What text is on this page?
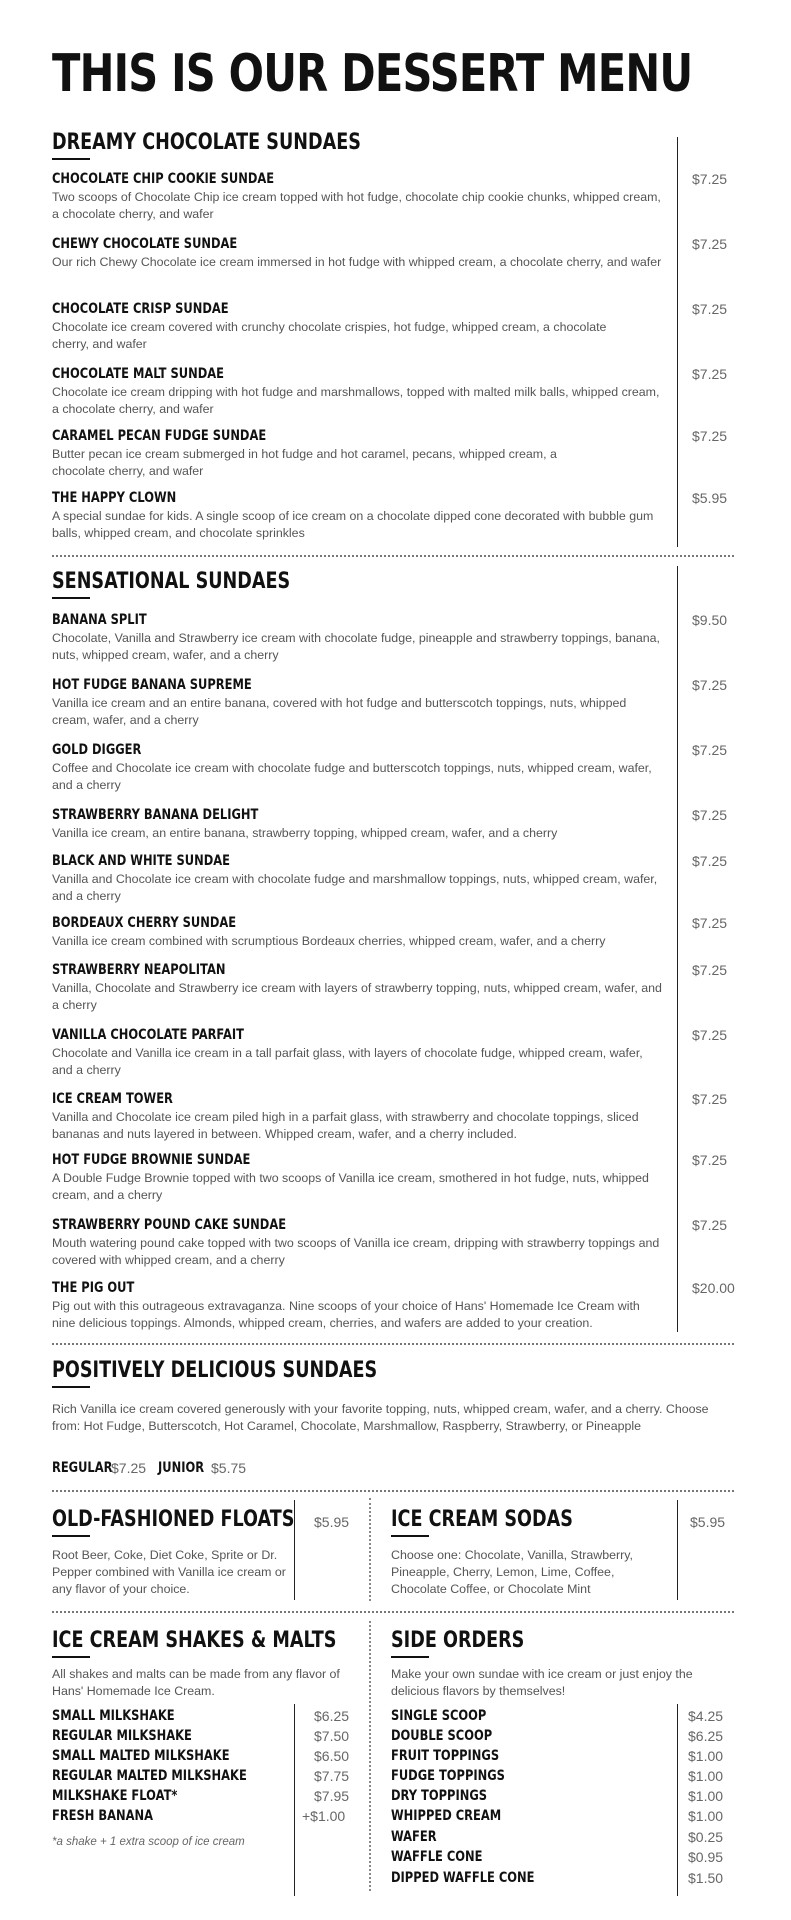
THIS IS OUR DESSERT MENU
DREAMY CHOCOLATE SUNDAES
CHOCOLATE CHIP COOKIE SUNDAE
Two scoops of Chocolate Chip ice cream topped with hot fudge, chocolate chip cookie chunks, whipped cream, a chocolate cherry, and wafer
$7.25
CHEWY CHOCOLATE SUNDAE
Our rich Chewy Chocolate ice cream immersed in hot fudge with whipped cream, a chocolate cherry, and wafer
$7.25
CHOCOLATE CRISP SUNDAE
Chocolate ice cream covered with crunchy chocolate crispies, hot fudge, whipped cream, a chocolate cherry, and wafer
$7.25
CHOCOLATE MALT SUNDAE
Chocolate ice cream dripping with hot fudge and marshmallows, topped with malted milk balls, whipped cream, a chocolate cherry, and wafer
$7.25
CARAMEL PECAN FUDGE SUNDAE
Butter pecan ice cream submerged in hot fudge and hot caramel, pecans, whipped cream, a chocolate cherry, and wafer
$7.25
THE HAPPY CLOWN
A special sundae for kids. A single scoop of ice cream on a chocolate dipped cone decorated with bubble gum balls, whipped cream, and chocolate sprinkles
$5.95
SENSATIONAL SUNDAES
BANANA SPLIT
Chocolate, Vanilla and Strawberry ice cream with chocolate fudge, pineapple and strawberry toppings, banana, nuts, whipped cream, wafer, and a cherry
$9.50
HOT FUDGE BANANA SUPREME
Vanilla ice cream and an entire banana, covered with hot fudge and butterscotch toppings, nuts, whipped cream, wafer, and a cherry
$7.25
GOLD DIGGER
Coffee and Chocolate ice cream with chocolate fudge and butterscotch toppings, nuts, whipped cream, wafer, and a cherry
$7.25
STRAWBERRY BANANA DELIGHT
Vanilla ice cream, an entire banana, strawberry topping, whipped cream, wafer, and a cherry
$7.25
BLACK AND WHITE SUNDAE
Vanilla and Chocolate ice cream with chocolate fudge and marshmallow toppings, nuts, whipped cream, wafer, and a cherry
$7.25
BORDEAUX CHERRY SUNDAE
Vanilla ice cream combined with scrumptious Bordeaux cherries, whipped cream, wafer, and a cherry
$7.25
STRAWBERRY NEAPOLITAN
Vanilla, Chocolate and Strawberry ice cream with layers of strawberry topping, nuts, whipped cream, wafer, and a cherry
$7.25
VANILLA CHOCOLATE PARFAIT
Chocolate and Vanilla ice cream in a tall parfait glass, with layers of chocolate fudge, whipped cream, wafer, and a cherry
$7.25
ICE CREAM TOWER
Vanilla and Chocolate ice cream piled high in a parfait glass, with strawberry and chocolate toppings, sliced bananas and nuts layered in between. Whipped cream, wafer, and a cherry included.
$7.25
HOT FUDGE BROWNIE SUNDAE
A Double Fudge Brownie topped with two scoops of Vanilla ice cream, smothered in hot fudge, nuts, whipped cream, and a cherry
$7.25
STRAWBERRY POUND CAKE SUNDAE
Mouth watering pound cake topped with two scoops of Vanilla ice cream, dripping with strawberry toppings and covered with whipped cream, and a cherry
$7.25
THE PIG OUT
Pig out with this outrageous extravaganza. Nine scoops of your choice of Hans' Homemade Ice Cream with nine delicious toppings. Almonds, whipped cream, cherries, and wafers are added to your creation.
$20.00
POSITIVELY DELICIOUS SUNDAES
Rich Vanilla ice cream covered generously with your favorite topping, nuts, whipped cream, wafer, and a cherry. Choose from: Hot Fudge, Butterscotch, Hot Caramel, Chocolate, Marshmallow, Raspberry, Strawberry, or Pineapple
REGULAR
$7.25 JUNIOR $5.75
OLD-FASHIONED FLOATS $5.95
Root Beer, Coke, Diet Coke, Sprite or Dr. Pepper combined with Vanilla ice cream or any flavor of your choice.
ICE CREAM SODAS	$5.95
Choose one: Chocolate, Vanilla, Strawberry, Pineapple, Cherry, Lemon, Lime, Coffee, Chocolate Coffee, or Chocolate Mint
ICE CREAM SHAKES & MALTS
All shakes and malts can be made from any flavor of Hans' Homemade Ice Cream.
SMALL MILKSHAKE	$6.25
REGULAR MILKSHAKE	$7.50
SMALL MALTED MILKSHAKE	$6.50
REGULAR MALTED MILKSHAKE	$7.75
MILKSHAKE FLOAT*	$7.95
FRESH BANANA	+$1.00
*a shake + 1 extra scoop of ice cream
SIDE ORDERS
Make your own sundae with ice cream or just enjoy the delicious flavors by themselves!
SINGLE SCOOP	$4.25
DOUBLE SCOOP	$6.25
FRUIT TOPPINGS	$1.00
FUDGE TOPPINGS	$1.00
DRY TOPPINGS	$1.00
WHIPPED CREAM	$1.00
WAFER	$0.25
WAFFLE CONE	$0.95
DIPPED WAFFLE CONE	$1.50
